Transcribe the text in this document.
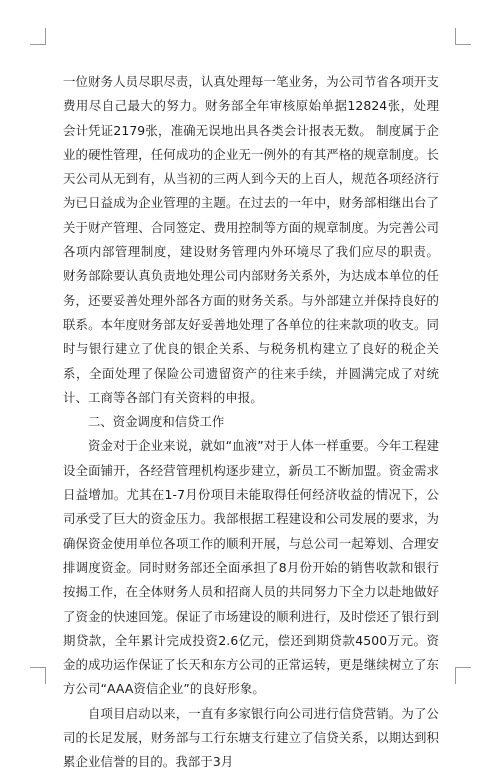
一位财务人员尽职尽责，认真处理每一笔业务，为公司节省各项开支费用尽自己最大的努力。财务部全年审核原始单据12824张，处理会计凭证2179张，准确无误地出具各类会计报表无数。 制度属于企业的硬性管理，任何成功的企业无一例外的有其严格的规章制度。长天公司从无到有，从当初的三两人到今天的上百人，规范各项经济行为已日益成为企业管理的主题。在过去的一年中，财务部相继出台了关于财产管理、合同签定、费用控制等方面的规章制度。为完善公司各项内部管理制度，建设财务管理内外环境尽了我们应尽的职责。 财务部除要认真负责地处理公司内部财务关系外，为达成本单位的任务，还要妥善处理外部各方面的财务关系。与外部建立并保持良好的联系。本年度财务部友好妥善地处理了各单位的往来款项的收支。同时与银行建立了优良的银企关系、与税务机构建立了良好的税企关系，全面处理了保险公司遗留资产的往来手续，并圆满完成了对统计、工商等各部门有关资料的申报。

二、资金调度和信贷工作

资金对于企业来说，就如“血液”对于人体一样重要。今年工程建设全面铺开，各经营管理机构逐步建立，新员工不断加盟。资金需求日益增加。尤其在1-7月份项目未能取得任何经济收益的情况下，公司承受了巨大的资金压力。我部根据工程建设和公司发展的要求，为确保资金使用单位各项工作的顺利开展，与总公司一起筹划、合理安排调度资金。同时财务部还全面承担了8月份开始的销售收款和银行按揭工作，在全体财务人员和招商人员的共同努力下全力以赴地做好了资金的快速回笼。保证了市场建设的顺利进行，及时偿还了银行到期贷款，全年累计完成投资2.6亿元，偿还到期贷款4500万元。资金的成功运作保证了长天和东方公司的正常运转，更是继续树立了东方公司“AAA资信企业”的良好形象。

自项目启动以来，一直有多家银行向公司进行信贷营销。为了公司的长足发展，财务部与工行东塘支行建立了信贷关系，以期达到积累企业信誉的目的。我部于3月
